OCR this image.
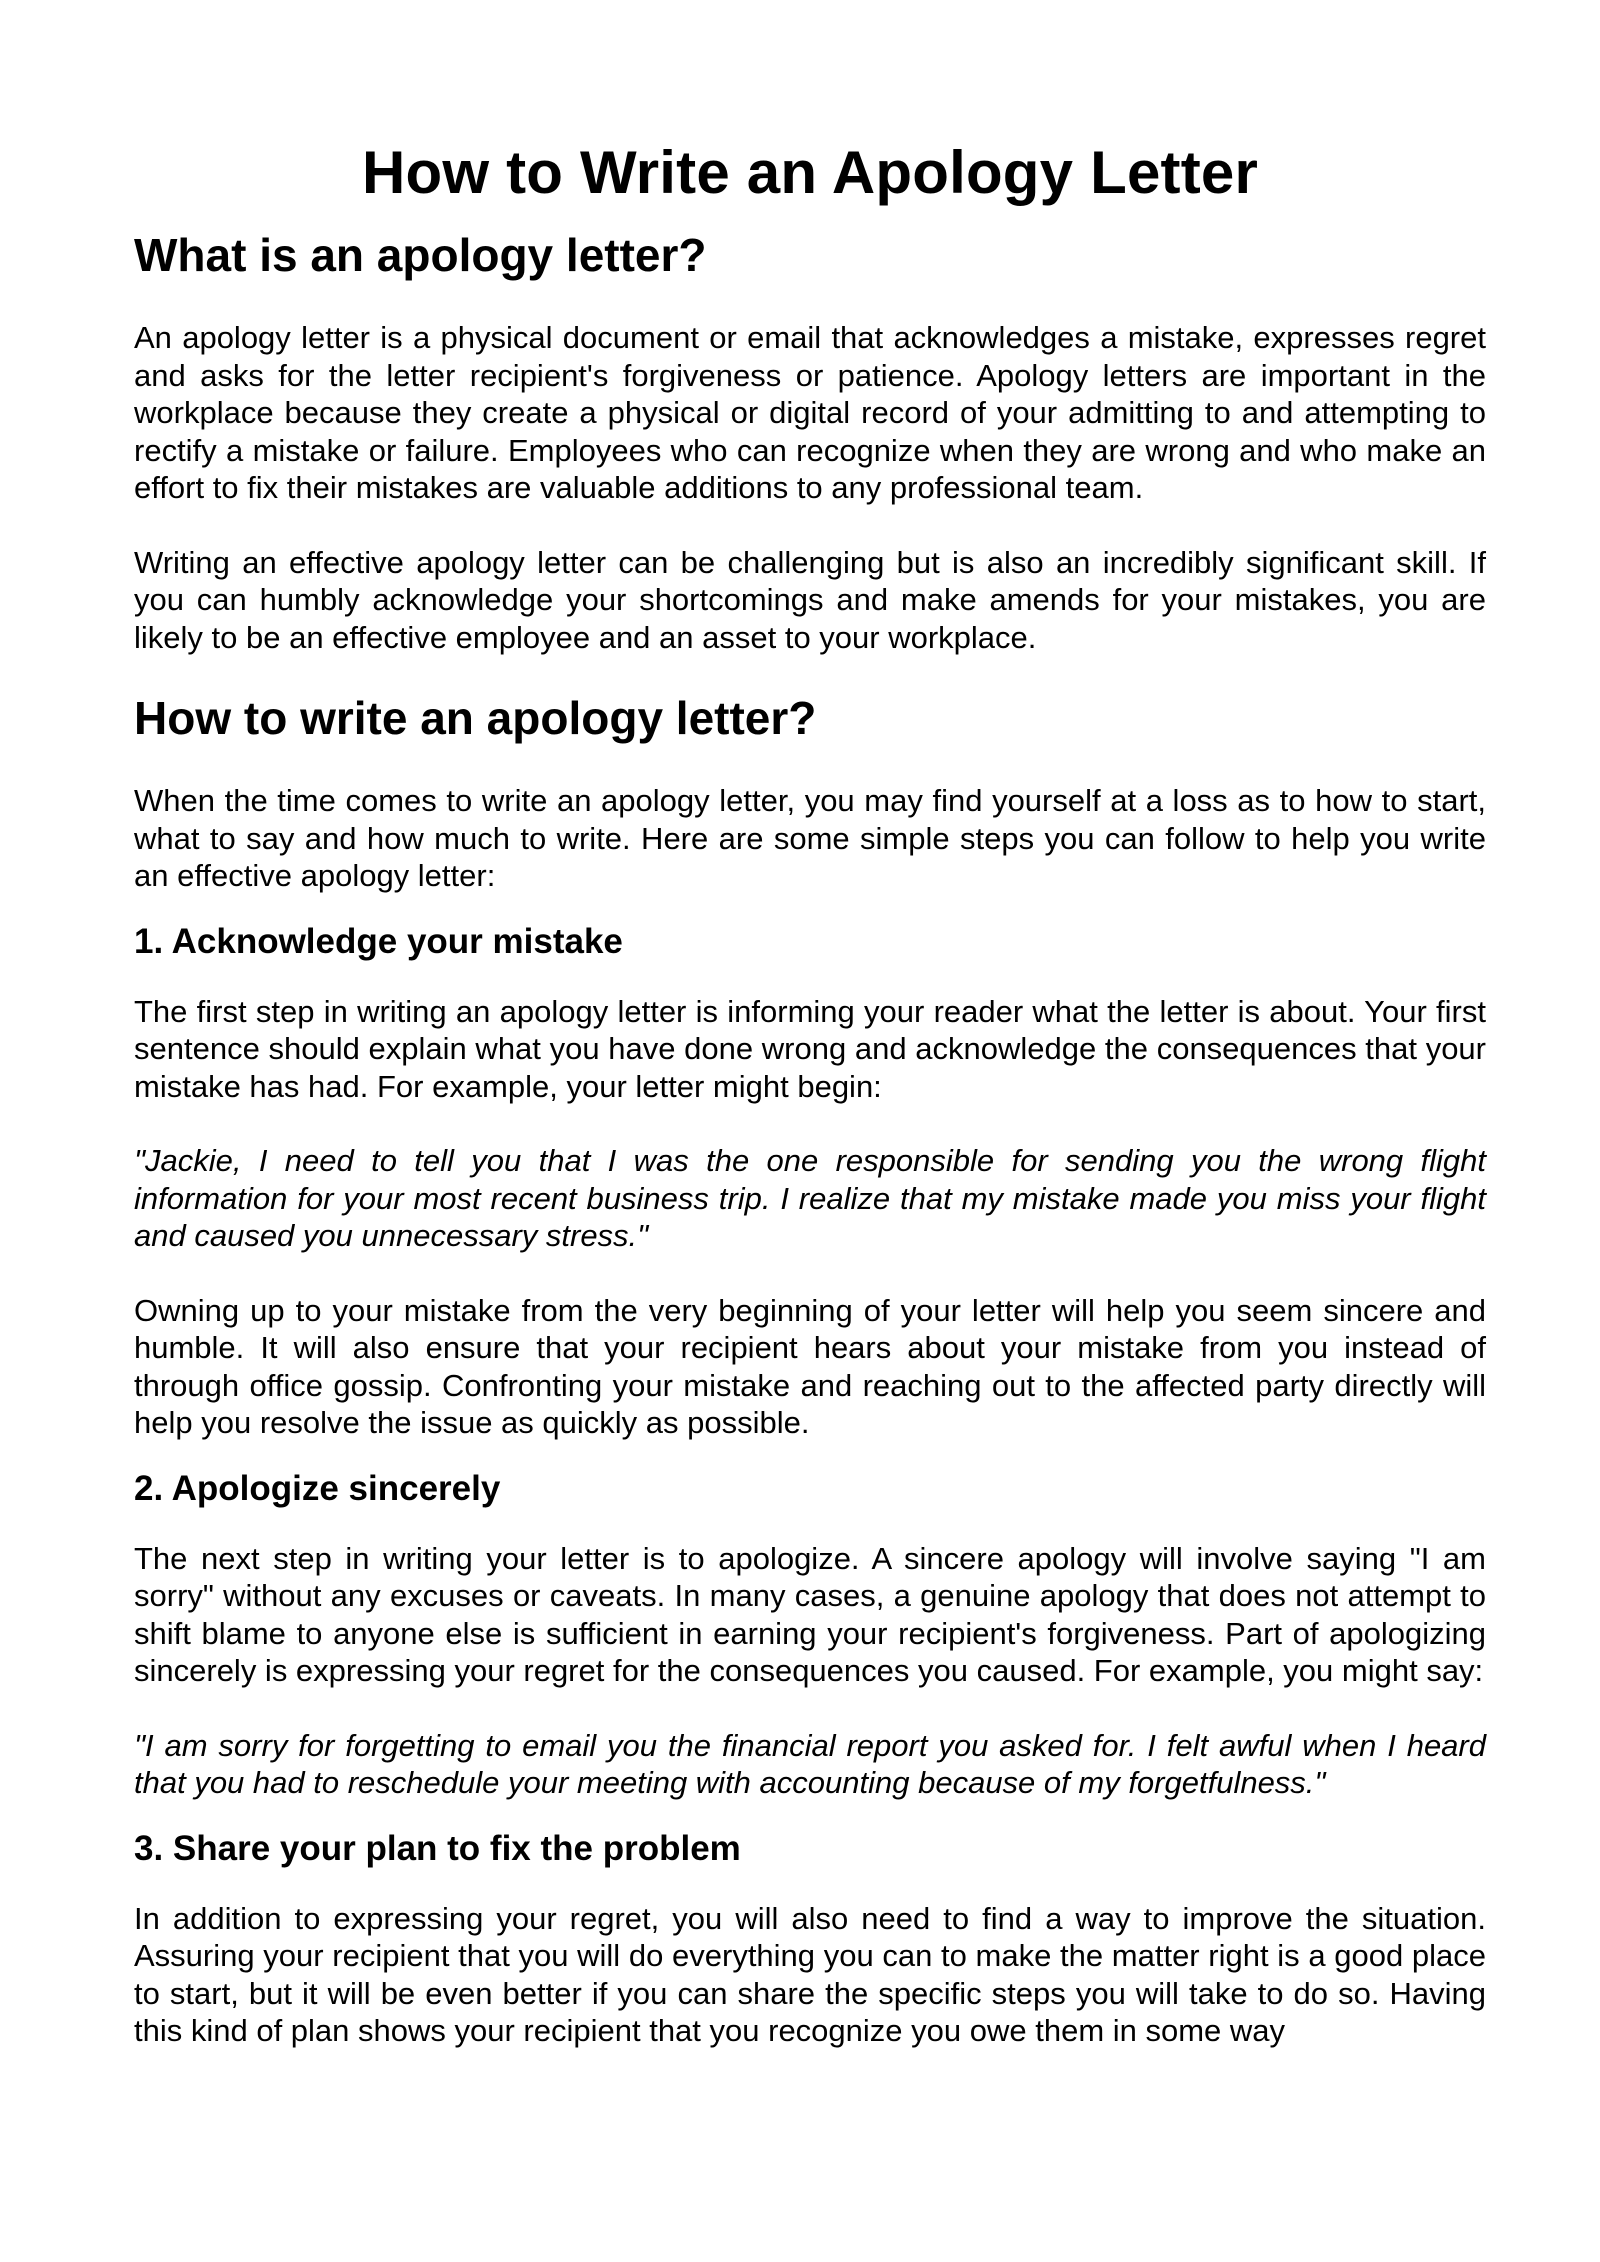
How to Write an Apology Letter
What is an apology letter?

An apology letter is a physical document or email that acknowledges a mistake, expresses regret and asks for the letter recipient's forgiveness or patience. Apology letters are important in the workplace because they create a physical or digital record of your admitting to and attempting to rectify a mistake or failure. Employees who can recognize when they are wrong and who make an effort to fix their mistakes are valuable additions to any professional team.

Writing an effective apology letter can be challenging but is also an incredibly significant skill. If you can humbly acknowledge your shortcomings and make amends for your mistakes, you are likely to be an effective employee and an asset to your workplace.

How to write an apology letter?

When the time comes to write an apology letter, you may find yourself at a loss as to how to start, what to say and how much to write. Here are some simple steps you can follow to help you write an effective apology letter:

1. Acknowledge your mistake

The first step in writing an apology letter is informing your reader what the letter is about. Your first sentence should explain what you have done wrong and acknowledge the consequences that your mistake has had. For example, your letter might begin:

"Jackie, I need to tell you that I was the one responsible for sending you the wrong flight information for your most recent business trip. I realize that my mistake made you miss your flight and caused you unnecessary stress."

Owning up to your mistake from the very beginning of your letter will help you seem sincere and humble. It will also ensure that your recipient hears about your mistake from you instead of through office gossip. Confronting your mistake and reaching out to the affected party directly will help you resolve the issue as quickly as possible.

2. Apologize sincerely

The next step in writing your letter is to apologize. A sincere apology will involve saying "I am sorry" without any excuses or caveats. In many cases, a genuine apology that does not attempt to shift blame to anyone else is sufficient in earning your recipient's forgiveness. Part of apologizing sincerely is expressing your regret for the consequences you caused. For example, you might say:

"I am sorry for forgetting to email you the financial report you asked for. I felt awful when I heard that you had to reschedule your meeting with accounting because of my forgetfulness."

3. Share your plan to fix the problem

In addition to expressing your regret, you will also need to find a way to improve the situation. Assuring your recipient that you will do everything you can to make the matter right is a good place to start, but it will be even better if you can share the specific steps you will take to do so. Having this kind of plan shows your recipient that you recognize you owe them in some way
